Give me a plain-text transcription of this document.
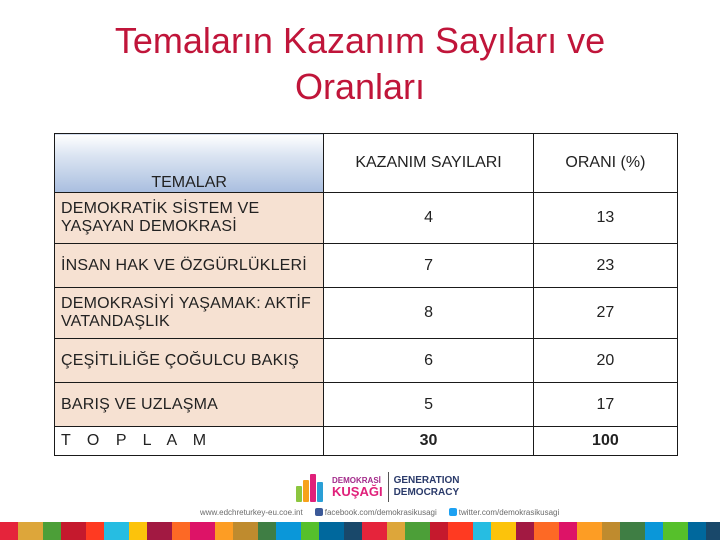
Temaların Kazanım Sayıları ve
Oranları
TEMALAR	KAZANIM SAYILARI	ORANI (%)
DEMOKRATİK SİSTEM VE YAŞAYAN DEMOKRASİ	4	13
İNSAN HAK VE ÖZGÜRLÜKLERİ	7	23
DEMOKRASİYİ YAŞAMAK: AKTİF VATANDAŞLIK	8	27
ÇEŞİTLİLİĞE ÇOĞULCU BAKIŞ	6	20
BARIŞ VE UZLAŞMA	5	17
T O P L A M	30	100
DEMOKRASİ
KUŞAĞI
GENERATION
DEMOCRACY
www.edchreturkey-eu.coe.int	facebook.com/demokrasikusagi	twitter.com/demokrasikusagi
